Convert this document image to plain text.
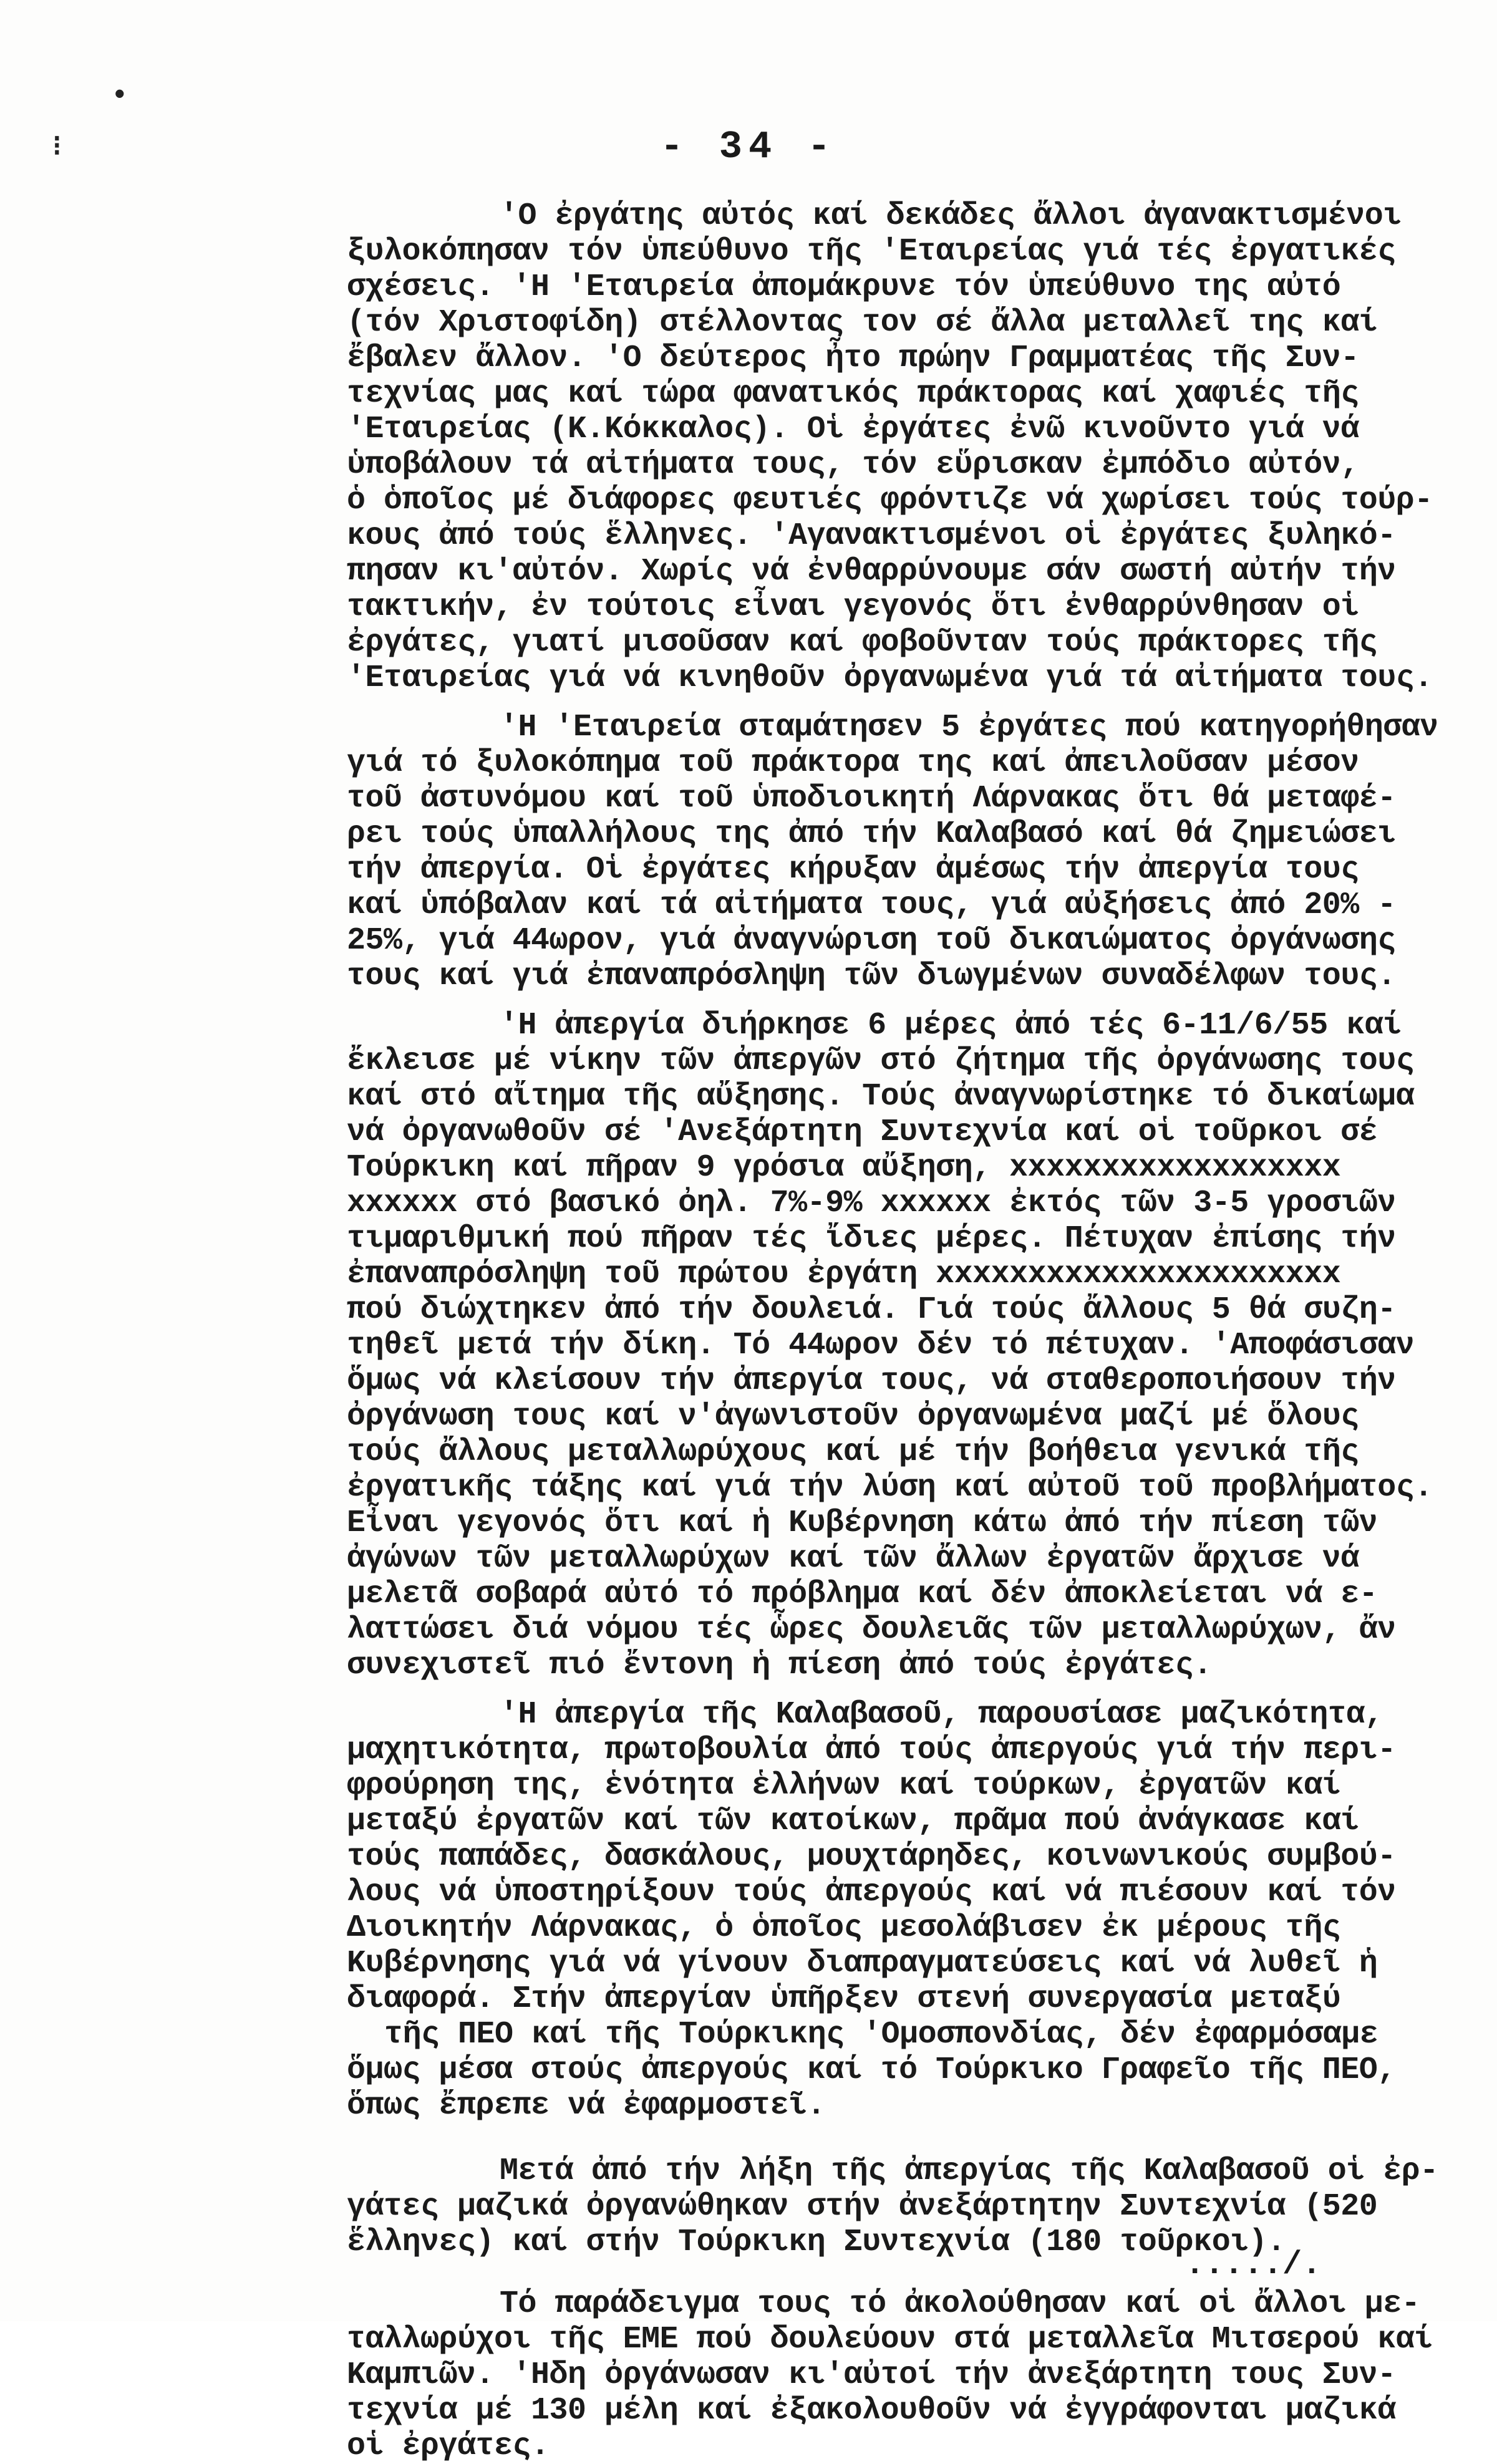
•
⁝	- 34 -
'Ο ἐργάτης αὐτός καί δεκάδες ἄλλοι ἀγανακτισμένοι
ξυλοκόπησαν τόν ὑπεύθυνο τῆς 'Εταιρείας γιά τές ἐργατικές
σχέσεις. 'Η 'Εταιρεία ἀπομάκρυνε τόν ὑπεύθυνο της αὐτό
(τόν Χριστοφίδη) στέλλοντας τον σέ ἄλλα μεταλλεῖ της καί
ἔβαλεν ἄλλον. 'Ο δεύτερος ἦτο πρώην Γραμματέας τῆς Συν-
τεχνίας μας καί τώρα φανατικός πράκτορας καί χαφιές τῆς
'Εταιρείας (Κ.Κόκκαλος). Οἱ ἐργάτες ἐνῶ κινοῦντο γιά νά
ὑποβάλουν τά αἰτήματα τους, τόν εὕρισκαν ἐμπόδιο αὐτόν,
ὁ ὁποῖος μέ διάφορες φευτιές φρόντιζε νά χωρίσει τούς τούρ-
κους ἀπό τούς ἕλληνες. 'Αγανακτισμένοι οἱ ἐργάτες ξυληκό-
πησαν κι'αὐτόν. Χωρίς νά ἐνθαρρύνουμε σάν σωστή αὐτήν τήν
τακτικήν, ἐν τούτοις εἶναι γεγονός ὅτι ἐνθαρρύνθησαν οἱ
ἐργάτες, γιατί μισοῦσαν καί φοβοῦνταν τούς πράκτορες τῆς
'Εταιρείας γιά νά κινηθοῦν ὀργανωμένα γιά τά αἰτήματα τους.
'Η 'Εταιρεία σταμάτησεν 5 ἐργάτες πού κατηγορήθησαν
γιά τό ξυλοκόπημα τοῦ πράκτορα της καί ἀπειλοῦσαν μέσον
τοῦ ἀστυνόμου καί τοῦ ὑποδιοικητή Λάρνακας ὅτι θά μεταφέ-
ρει τούς ὑπαλλήλους της ἀπό τήν Καλαβασό καί θά ζημειώσει
τήν ἀπεργία. Οἱ ἐργάτες κήρυξαν ἀμέσως τήν ἀπεργία τους
καί ὑπόβαλαν καί τά αἰτήματα τους, γιά αὐξήσεις ἀπό 20% -
25%, γιά 44ωρον, γιά ἀναγνώριση τοῦ δικαιώματος ὀργάνωσης
τους καί γιά ἐπαναπρόσληψη τῶν διωγμένων συναδέλφων τους.
'Η ἀπεργία διήρκησε 6 μέρες ἀπό τές 6-11/6/55 καί
ἔκλεισε μέ νίκην τῶν ἀπεργῶν στό ζήτημα τῆς ὀργάνωσης τους
καί στό αἴτημα τῆς αὔξησης. Τούς ἀναγνωρίστηκε τό δικαίωμα
νά ὀργανωθοῦν σέ 'Ανεξάρτητη Συντεχνία καί οἱ τοῦρκοι σέ
Τούρκικη καί πῆραν 9 γρόσια αὔξηση, xxxxxxxxxxxxxxxxxx
xxxxxx στό βασικό ὀηλ. 7%-9% xxxxxx ἐκτός τῶν 3-5 γροσιῶν
τιμαριθμική πού πῆραν τές ἴδιες μέρες. Πέτυχαν ἐπίσης τήν
ἐπαναπρόσληψη τοῦ πρώτου ἐργάτη xxxxxxxxxxxxxxxxxxxxxx
πού διώχτηκεν ἀπό τήν δουλειά. Γιά τούς ἄλλους 5 θά συζη-
τηθεῖ μετά τήν δίκη. Τό 44ωρον δέν τό πέτυχαν. 'Αποφάσισαν
ὅμως νά κλείσουν τήν ἀπεργία τους, νά σταθεροποιήσουν τήν
ὀργάνωση τους καί ν'ἀγωνιστοῦν ὀργανωμένα μαζί μέ ὅλους
τούς ἄλλους μεταλλωρύχους καί μέ τήν βοήθεια γενικά τῆς
ἐργατικῆς τάξης καί γιά τήν λύση καί αὐτοῦ τοῦ προβλήματος.
Εἶναι γεγονός ὅτι καί ἡ Κυβέρνηση κάτω ἀπό τήν πίεση τῶν
ἀγώνων τῶν μεταλλωρύχων καί τῶν ἄλλων ἐργατῶν ἄρχισε νά
μελετᾶ σοβαρά αὐτό τό πρόβλημα καί δέν ἀποκλείεται νά ε-
λαττώσει διά νόμου τές ὧρες δουλειᾶς τῶν μεταλλωρύχων, ἄν
συνεχιστεῖ πιό ἔντονη ἡ πίεση ἀπό τούς ἐργάτες.
'Η ἀπεργία τῆς Καλαβασοῦ, παρουσίασε μαζικότητα,
μαχητικότητα, πρωτοβουλία ἀπό τούς ἀπεργούς γιά τήν περι-
φρούρηση της, ἑνότητα ἑλλήνων καί τούρκων, ἐργατῶν καί
μεταξύ ἐργατῶν καί τῶν κατοίκων, πρᾶμα πού ἀνάγκασε καί
τούς παπάδες, δασκάλους, μουχτάρηδες, κοινωνικούς συμβού-
λους νά ὑποστηρίξουν τούς ἀπεργούς καί νά πιέσουν καί τόν
Διοικητήν Λάρνακας, ὁ ὁποῖος μεσολάβισεν ἐκ μέρους τῆς
Κυβέρνησης γιά νά γίνουν διαπραγματεύσεις καί νά λυθεῖ ἡ
διαφορά. Στήν ἀπεργίαν ὑπῆρξεν στενή συνεργασία μεταξύ
τῆς ΠΕΟ καί τῆς Τούρκικης 'Ομοσπονδίας, δέν ἐφαρμόσαμε
ὅμως μέσα στούς ἀπεργούς καί τό Τούρκικο Γραφεῖο τῆς ΠΕΟ,
ὅπως ἔπρεπε νά ἐφαρμοστεῖ.
Μετά ἀπό τήν λήξη τῆς ἀπεργίας τῆς Καλαβασοῦ οἱ ἐρ-
γάτες μαζικά ὀργανώθηκαν στήν ἀνεξάρτητην Συντεχνία (520
ἕλληνες) καί στήν Τούρκικη Συντεχνία (180 τοῦρκοι).
Τό παράδειγμα τους τό ἀκολούθησαν καί οἱ ἄλλοι με-
ταλλωρύχοι τῆς ΕΜΕ πού δουλεύουν στά μεταλλεῖα Μιτσερού καί
Καμπιῶν. 'Ηδη ὀργάνωσαν κι'αὐτοί τήν ἀνεξάρτητη τους Συν-
τεχνία μέ 130 μέλη καί ἐξακολουθοῦν νά ἐγγράφονται μαζικά
οἱ ἐργάτες.
...../.
